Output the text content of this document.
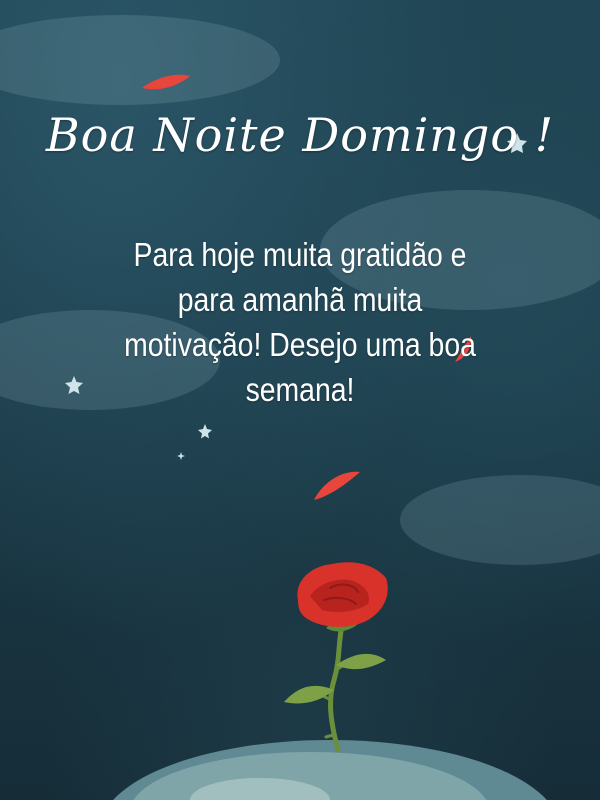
Boa Noite Domingo !

Para hoje muita gratidão e para amanhã muita motivação! Desejo uma boa semana!
